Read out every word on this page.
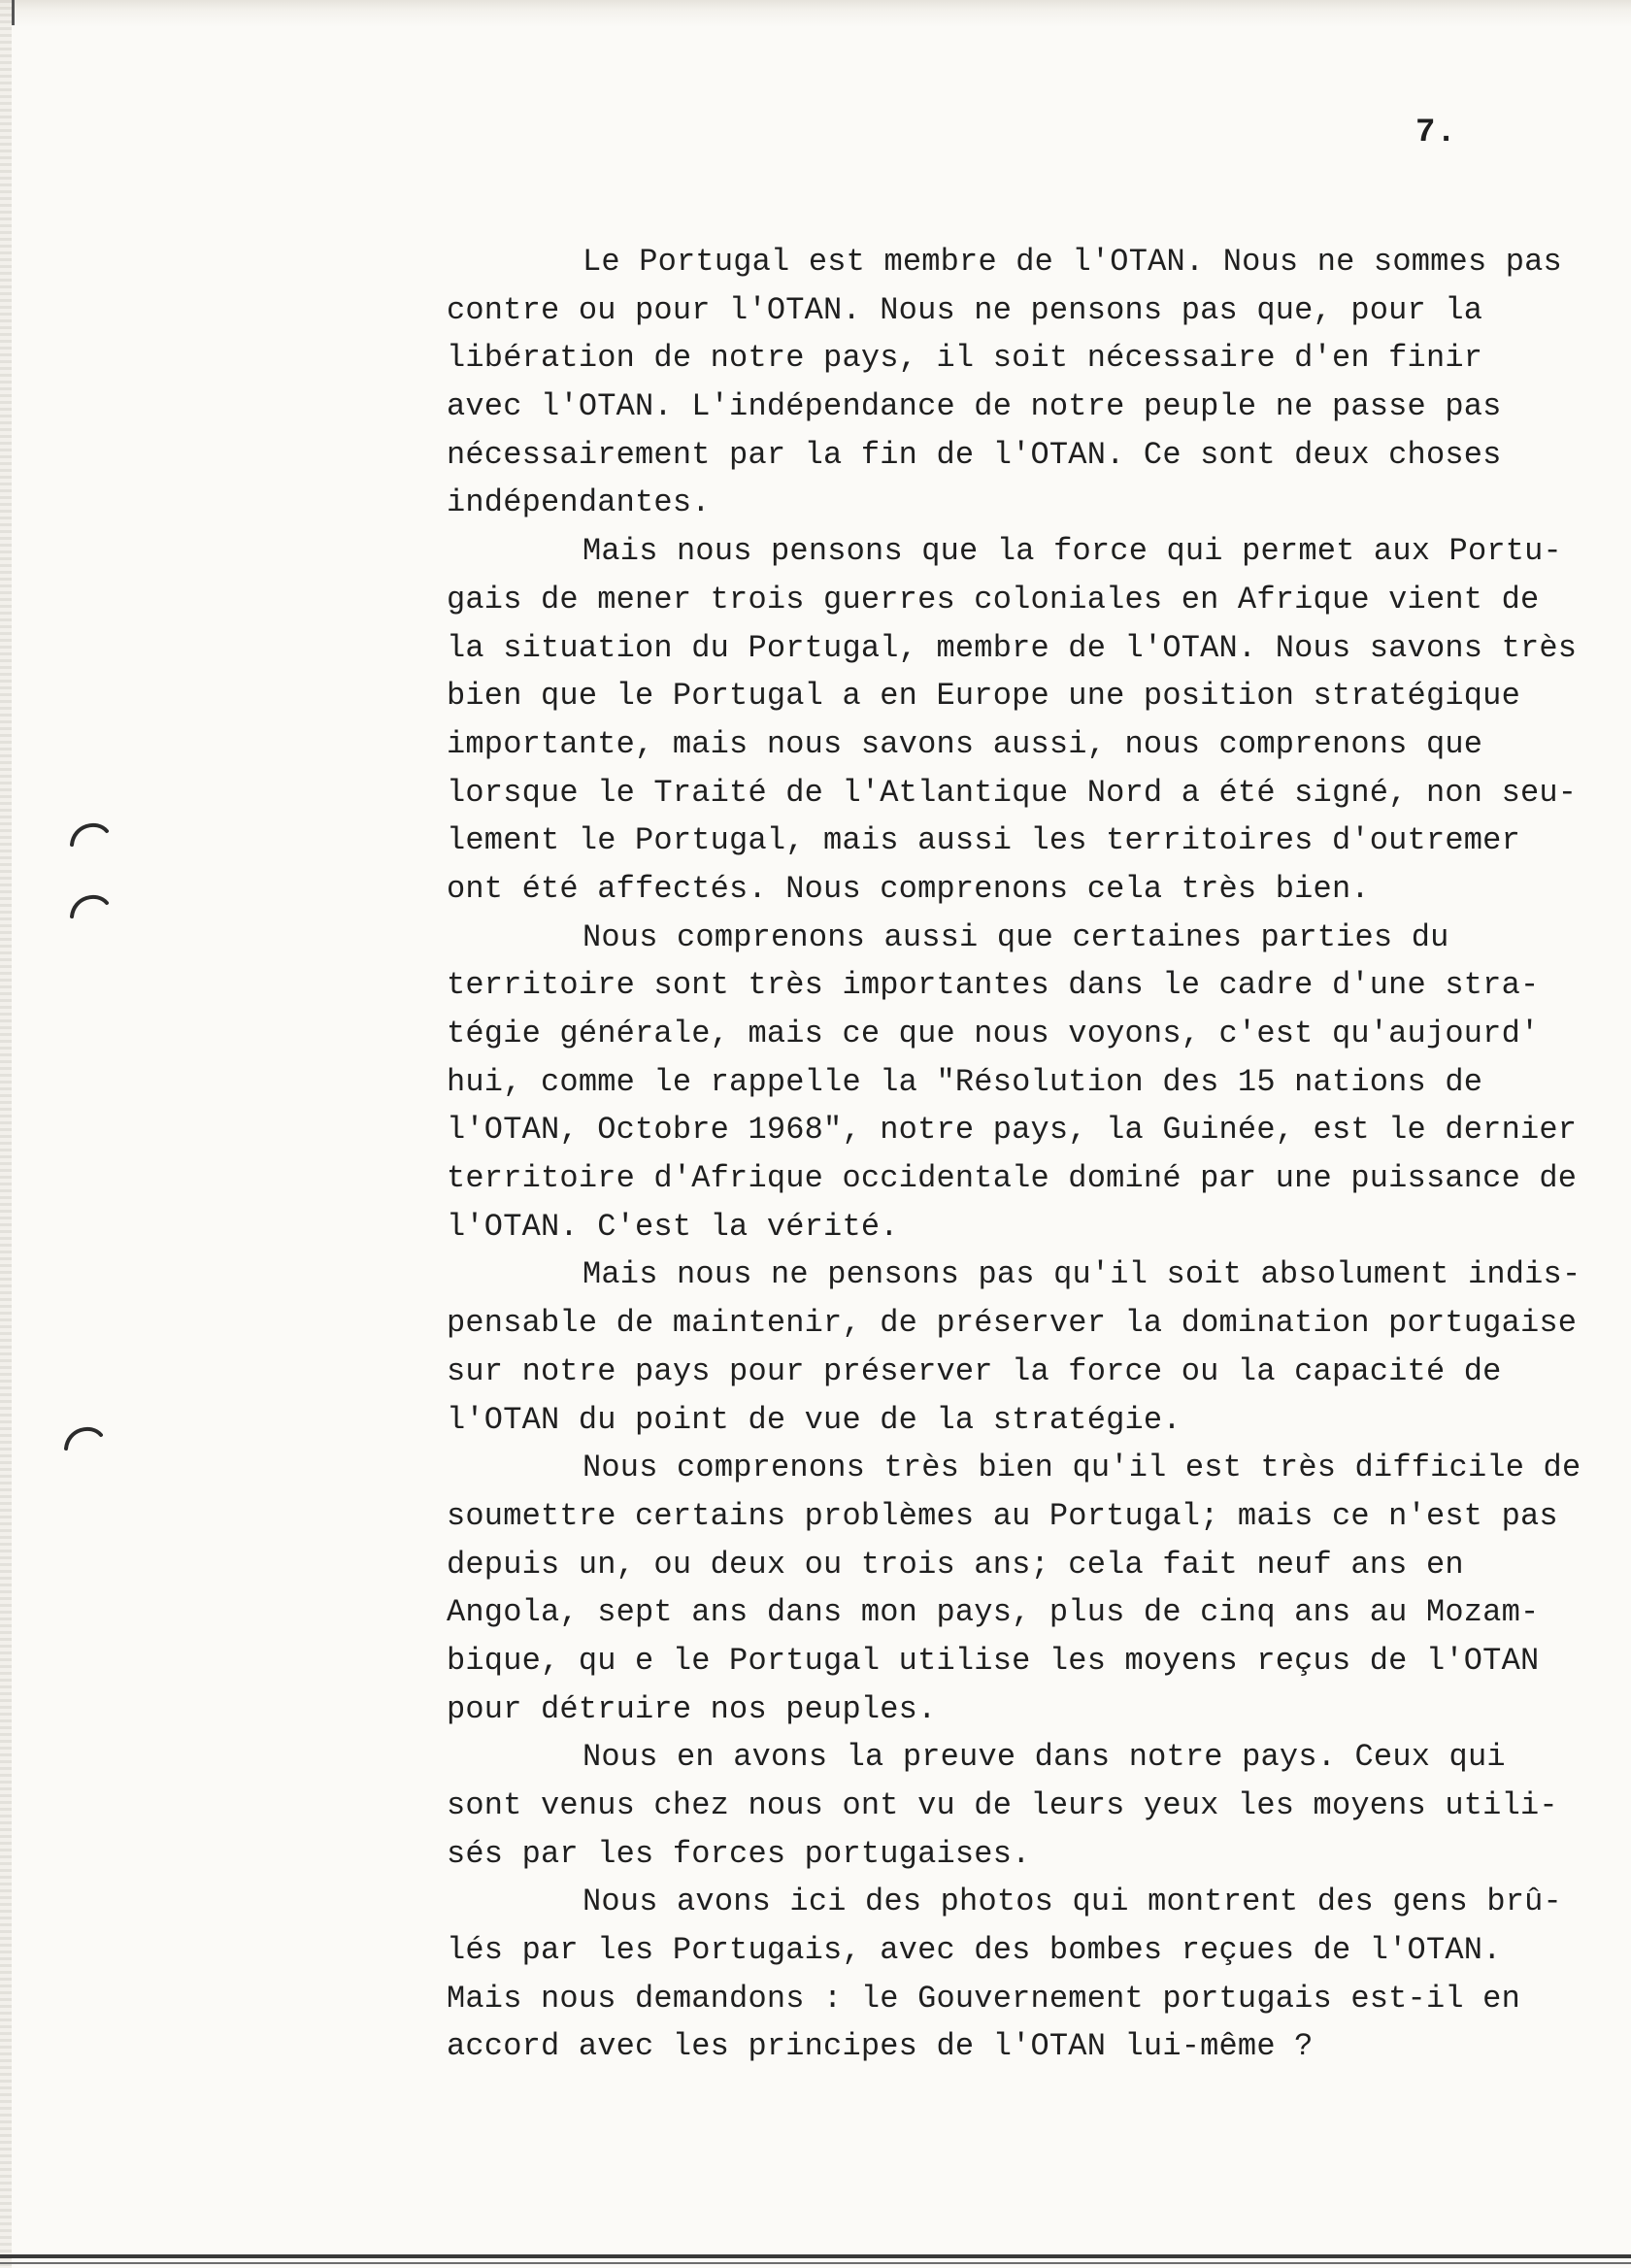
7.
Le Portugal est membre de l'OTAN. Nous ne sommes pas
contre ou pour l'OTAN. Nous ne pensons pas que, pour la
libération de notre pays, il soit nécessaire d'en finir
avec l'OTAN. L'indépendance de notre peuple ne passe pas
nécessairement par la fin de l'OTAN. Ce sont deux choses
indépendantes.
Mais nous pensons que la force qui permet aux Portu-
gais de mener trois guerres coloniales en Afrique vient de
la situation du Portugal, membre de l'OTAN. Nous savons très
bien que le Portugal a en Europe une position stratégique
importante, mais nous savons aussi, nous comprenons que
lorsque le Traité de l'Atlantique Nord a été signé, non seu-
lement le Portugal, mais aussi les territoires d'outremer
ont été affectés. Nous comprenons cela très bien.
Nous comprenons aussi que certaines parties du
territoire sont très importantes dans le cadre d'une stra-
tégie générale, mais ce que nous voyons, c'est qu'aujourd'
hui, comme le rappelle la "Résolution des 15 nations de
l'OTAN, Octobre 1968", notre pays, la Guinée, est le dernier
territoire d'Afrique occidentale dominé par une puissance de
l'OTAN. C'est la vérité.
Mais nous ne pensons pas qu'il soit absolument indis-
pensable de maintenir, de préserver la domination portugaise
sur notre pays pour préserver la force ou la capacité de
l'OTAN du point de vue de la stratégie.
Nous comprenons très bien qu'il est très difficile de
soumettre certains problèmes au Portugal; mais ce n'est pas
depuis un, ou deux ou trois ans; cela fait neuf ans en
Angola, sept ans dans mon pays, plus de cinq ans au Mozam-
bique, qu e le Portugal utilise les moyens reçus de l'OTAN
pour détruire nos peuples.
Nous en avons la preuve dans notre pays. Ceux qui
sont venus chez nous ont vu de leurs yeux les moyens utili-
sés par les forces portugaises.
Nous avons ici des photos qui montrent des gens brû-
lés par les Portugais, avec des bombes reçues de l'OTAN.
Mais nous demandons : le Gouvernement portugais est-il en
accord avec les principes de l'OTAN lui-même ?
